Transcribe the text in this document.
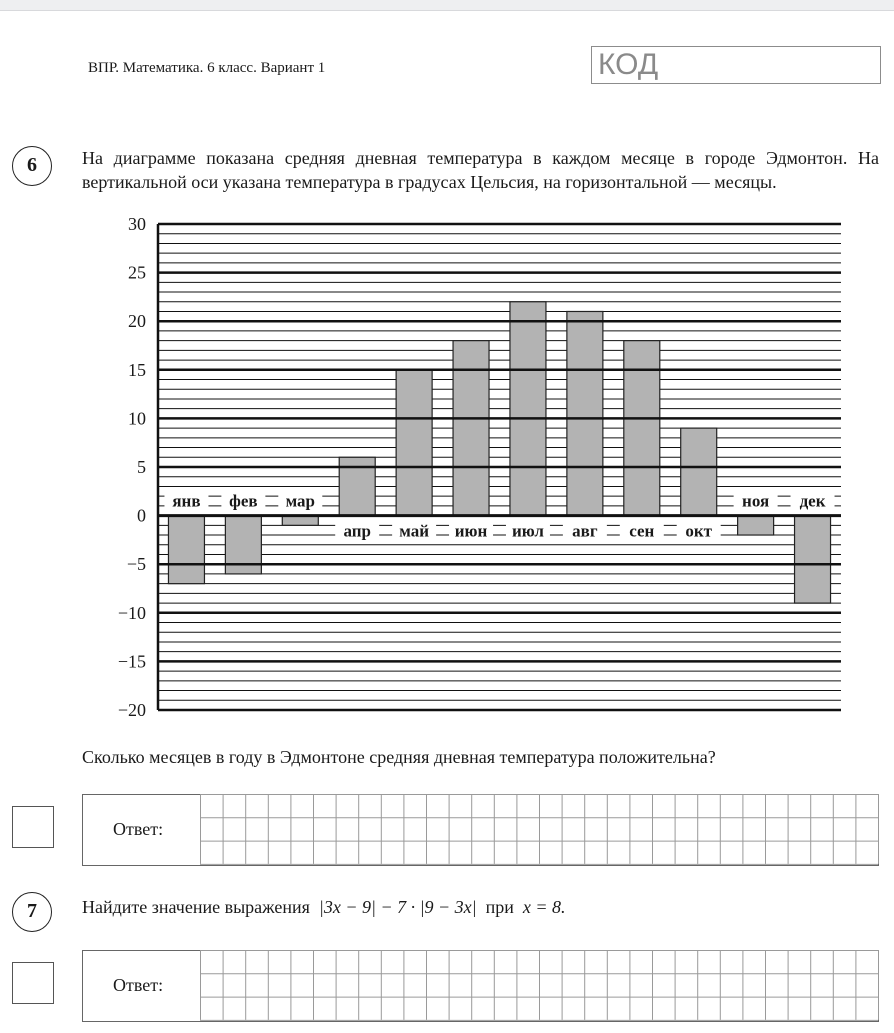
ВПР. Математика. 6 класс. Вариант 1	КОД
6	На диаграмме показана средняя дневная температура в каждом месяце в городе Эдмонтон. На вертикальной оси указана температура в градусах Цельсия, на горизонтальной — месяцы.
30
25
20
15
10
5
0
−5
−10
−15
−20
янв фев мар
апр май июн июл авг сен окт
ноя дек
Сколько месяцев в году в Эдмонтоне средняя дневная температура положительна?
Ответ:
7	Найдите значение выражения |3x − 9| − 7 · |9 − 3x| при x = 8.
Ответ:
